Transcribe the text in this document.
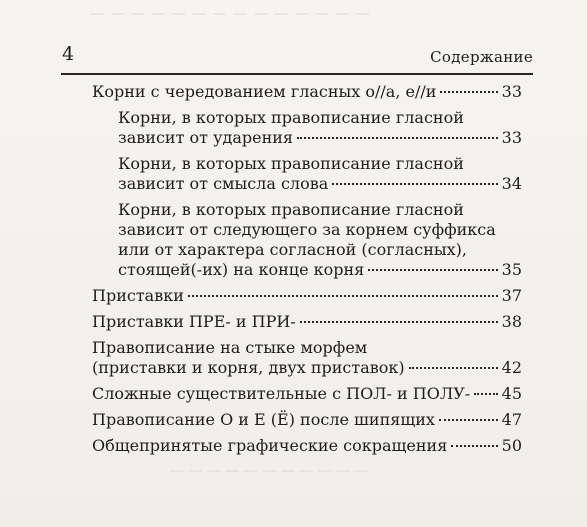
— — — — — — — — — — — — — —
4	Содержание
Корни с чередованием гласных о//а, е//и	33
Корни, в которых правописание гласной
зависит от ударения	33
Корни, в которых правописание гласной
зависит от смысла слова	34
Корни, в которых правописание гласной
зависит от следующего за корнем суффикса
или от характера согласной (согласных),
стоящей(-их) на конце корня	35
Приставки	37
Приставки ПРЕ- и ПРИ-	38
Правописание на стыке морфем
(приставки и корня, двух приставок)	42
Сложные существительные с ПОЛ- и ПОЛУ- 45
Правописание О и Е (Ё) после шипящих	47
Общепринятые графические сокращения	50
— — — — — — — — — — —
